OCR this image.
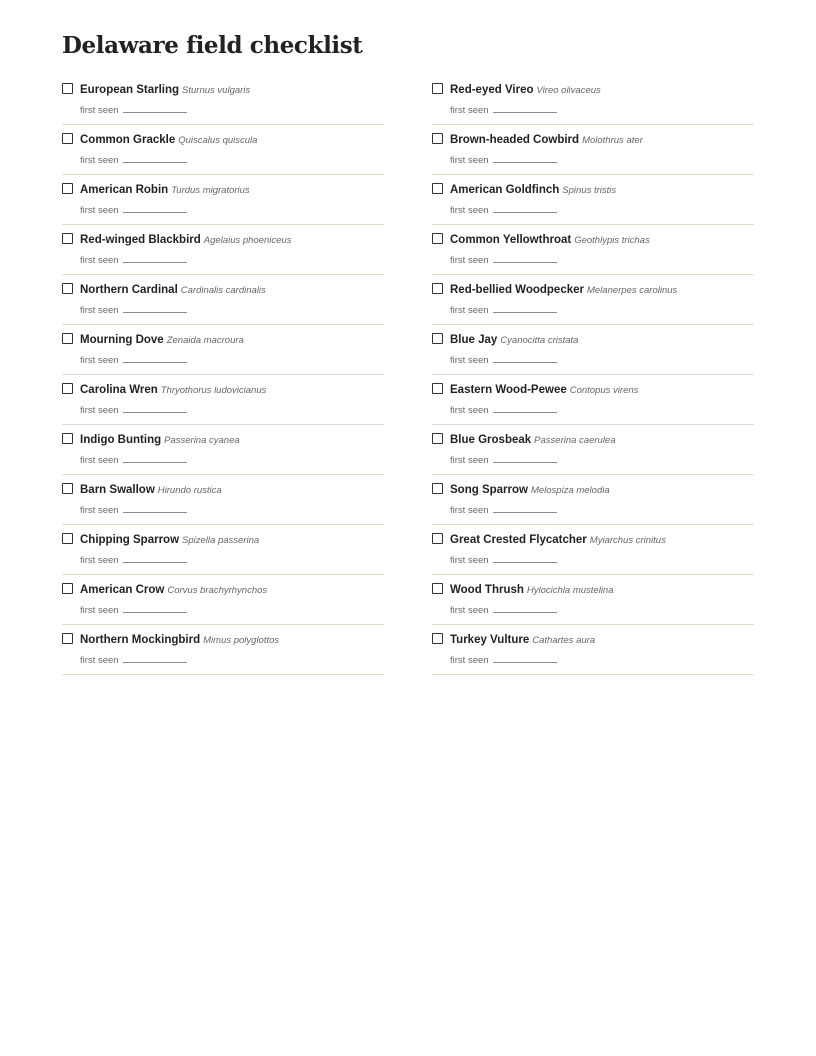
Delaware field checklist
European Starling Sturnus vulgaris
first seen
Common Grackle Quiscalus quiscula
first seen
American Robin Turdus migratorius
first seen
Red-winged Blackbird Agelaius phoeniceus
first seen
Northern Cardinal Cardinalis cardinalis
first seen
Mourning Dove Zenaida macroura
first seen
Carolina Wren Thryothorus ludovicianus
first seen
Indigo Bunting Passerina cyanea
first seen
Barn Swallow Hirundo rustica
first seen
Chipping Sparrow Spizella passerina
first seen
American Crow Corvus brachyrhynchos
first seen
Northern Mockingbird Mimus polyglottos
first seen
Red-eyed Vireo Vireo olivaceus
first seen
Brown-headed Cowbird Molothrus ater
first seen
American Goldfinch Spinus tristis
first seen
Common Yellowthroat Geothlypis trichas
first seen
Red-bellied Woodpecker Melanerpes carolinus
first seen
Blue Jay Cyanocitta cristata
first seen
Eastern Wood-Pewee Contopus virens
first seen
Blue Grosbeak Passerina caerulea
first seen
Song Sparrow Melospiza melodia
first seen
Great Crested Flycatcher Myiarchus crinitus
first seen
Wood Thrush Hylocichla mustelina
first seen
Turkey Vulture Cathartes aura
first seen
